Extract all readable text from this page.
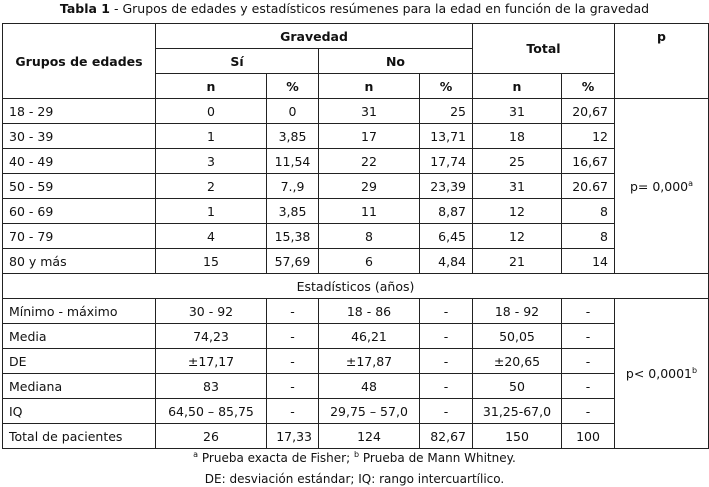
Tabla 1 - Grupos de edades y estadísticos resúmenes para la edad en función de la gravedad
Grupos de edades	Gravedad				Total		p
	Sí		No				
	n	%	n	%	n	%	
18 - 29	0	0	31	25	31	20,67	p= 0,000$^a$
30 - 39	1	3,85	17	13,71	18	12	
40 - 49	3	11,54	22	17,74	25	16,67	
50 - 59	2	7.,9	29	23,39	31	20.67	
60 - 69	1	3,85	11	8,87	12	8	
70 - 79	4	15,38	8	6,45	12	8	
80 y más	15	57,69	6	4,84	21	14	
Estadísticos (años)							
Mínimo - máximo	30 - 92	-	18 - 86	-	18 - 92	-	p< 0,0001$^b$
Media	74,23	-	46,21	-	50,05	-	
DE	±17,17	-	±17,87	-	±20,65	-	
Mediana	83	-	48	-	50	-	
IQ	64,50 – 85,75	-	29,75 – 57,0	-	31,25-67,0	-	
Total de pacientes	26	17,33	124	82,67	150	100	
$^a$ Prueba exacta de Fisher; $^b$ Prueba de Mann Whitney.
DE: desviación estándar; IQ: rango intercuartílico.
